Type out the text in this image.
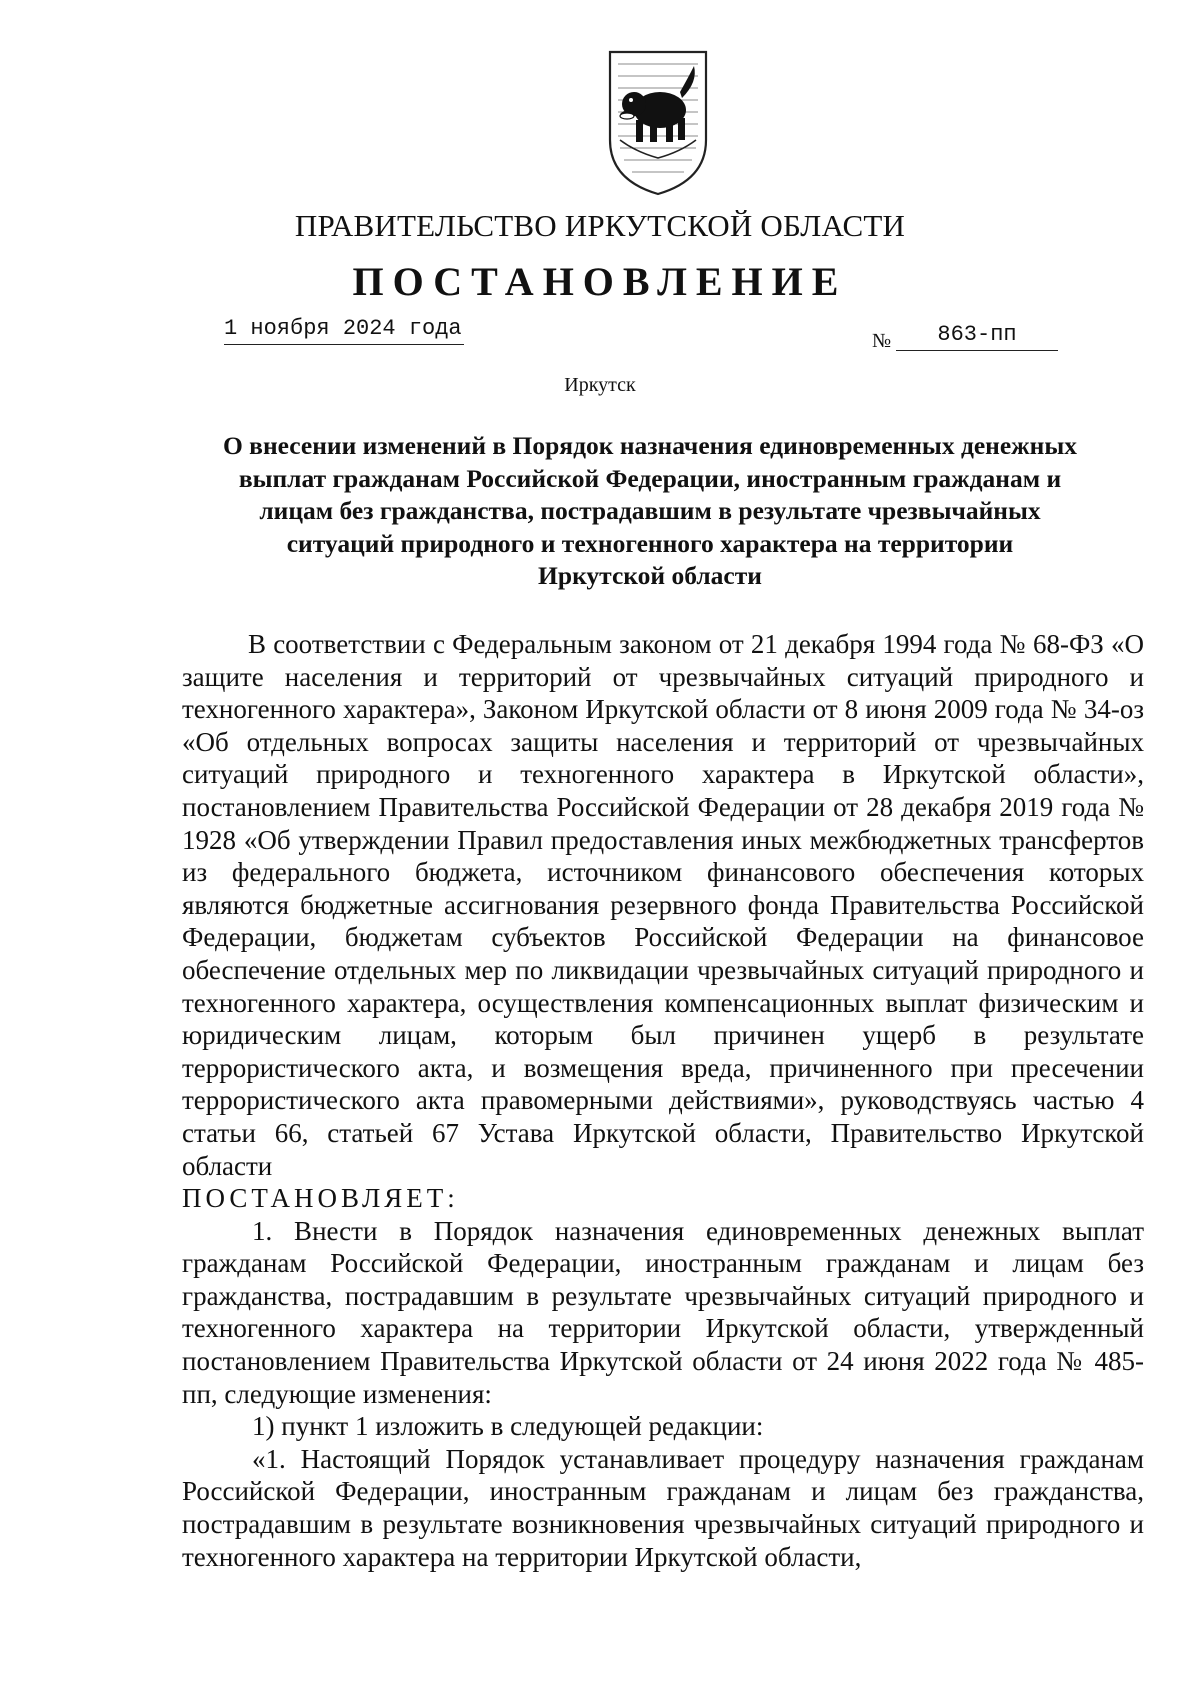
ПРАВИТЕЛЬСТВО ИРКУТСКОЙ ОБЛАСТИ
ПОСТАНОВЛЕНИЕ
1 ноября 2024 года	№	863-пп
Иркутск
О внесении изменений в Порядок назначения единовременных денежных
выплат гражданам Российской Федерации, иностранным гражданам и
лицам без гражданства, пострадавшим в результате чрезвычайных
ситуаций природного и техногенного характера на территории
Иркутской области

В соответствии с Федеральным законом от 21 декабря 1994 года № 68-ФЗ «О защите населения и территорий от чрезвычайных ситуаций природного и техногенного характера», Законом Иркутской области от 8 июня 2009 года № 34-оз «Об отдельных вопросах защиты населения и территорий от чрезвычайных ситуаций природного и техногенного характера в Иркутской области», постановлением Правительства Российской Федерации от 28 декабря 2019 года № 1928 «Об утверждении Правил предоставления иных межбюджетных трансфертов из федерального бюджета, источником финансового обеспечения которых являются бюджетные ассигнования резервного фонда Правительства Российской Федерации, бюджетам субъектов Российской Федерации на финансовое обеспечение отдельных мер по ликвидации чрезвычайных ситуаций природного и техногенного характера, осуществления компенсационных выплат физическим и юридическим лицам, которым был причинен ущерб в результате террористического акта, и возмещения вреда, причиненного при пресечении террористического акта правомерными действиями», руководствуясь частью 4 статьи 66, статьей 67 Устава Иркутской области, Правительство Иркутской области

ПОСТАНОВЛЯЕТ:

1. Внести в Порядок назначения единовременных денежных выплат гражданам Российской Федерации, иностранным гражданам и лицам без гражданства, пострадавшим в результате чрезвычайных ситуаций природного и техногенного характера на территории Иркутской области, утвержденный постановлением Правительства Иркутской области от 24 июня 2022 года № 485-пп, следующие изменения:

1) пункт 1 изложить в следующей редакции:

«1. Настоящий Порядок устанавливает процедуру назначения гражданам Российской Федерации, иностранным гражданам и лицам без гражданства, пострадавшим в результате возникновения чрезвычайных ситуаций природного и техногенного характера на территории Иркутской области,
